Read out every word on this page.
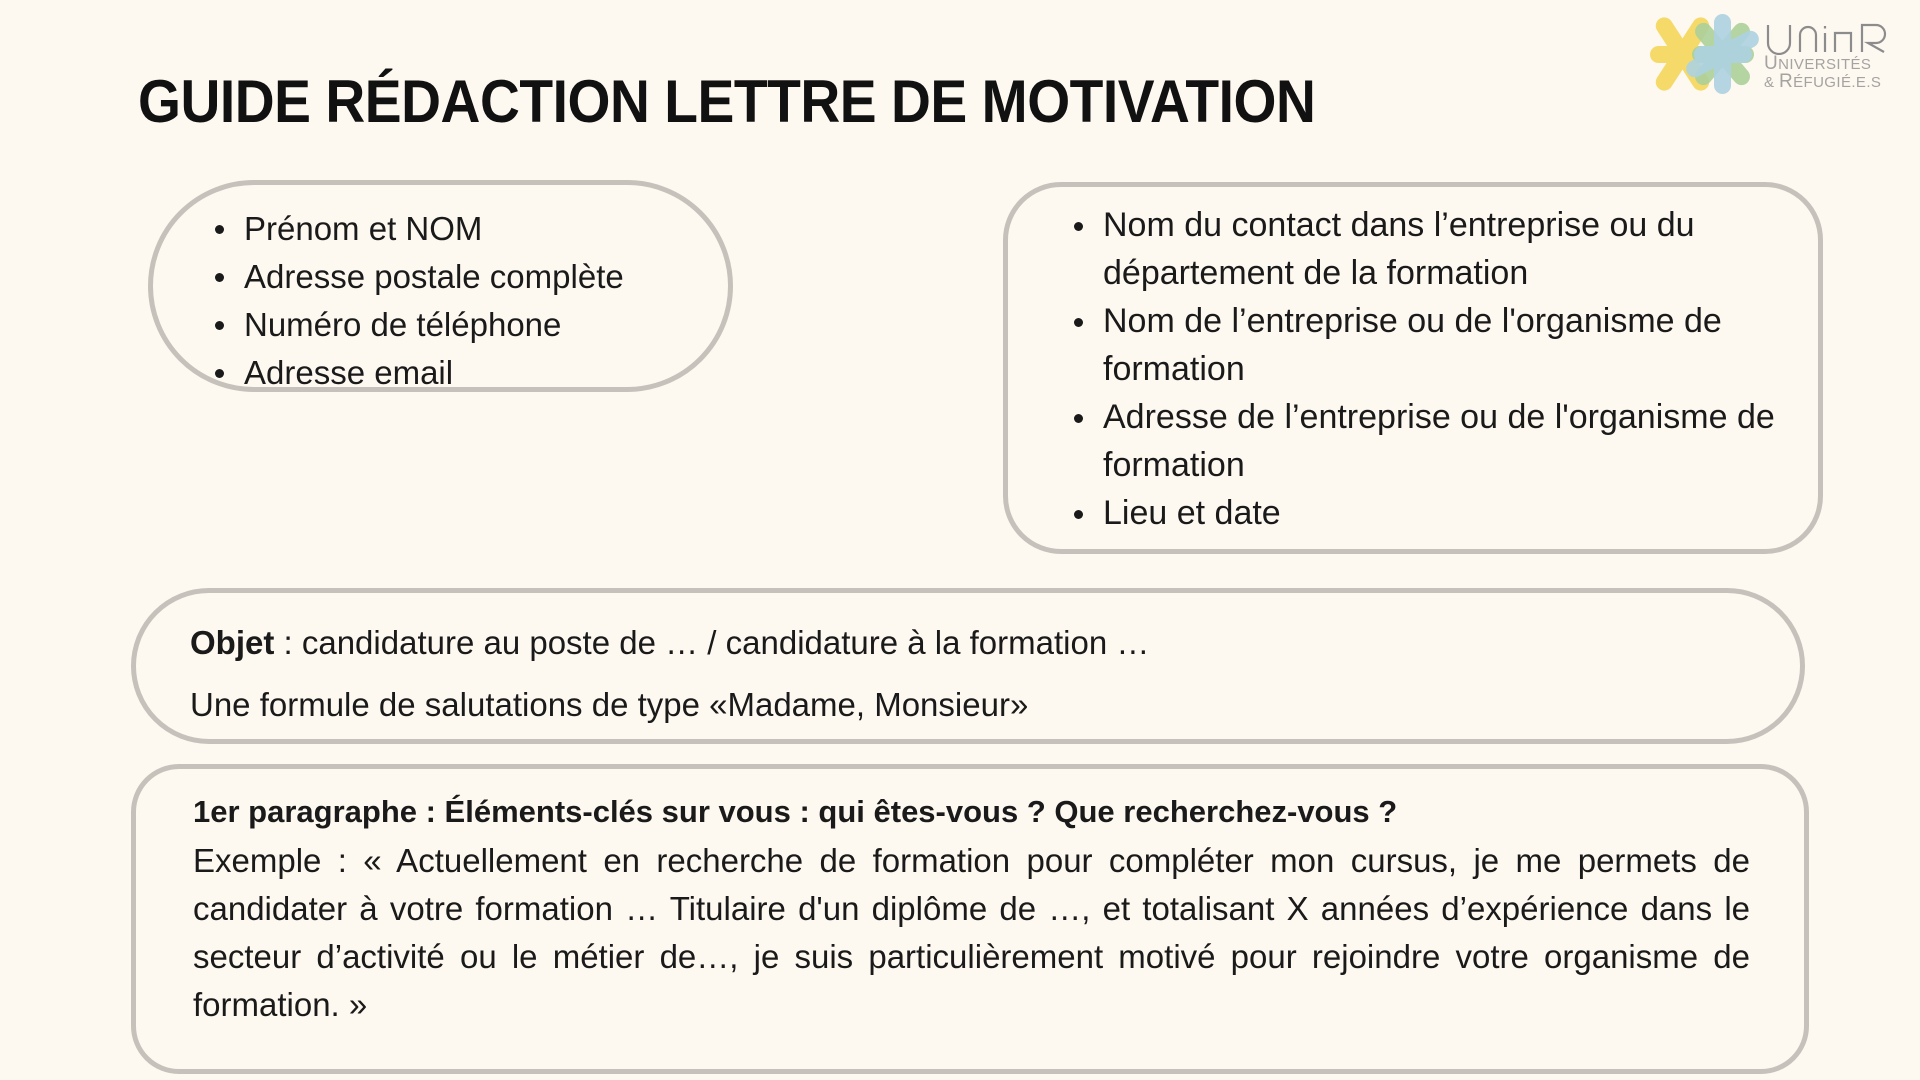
GUIDE RÉDACTION LETTRE DE MOTIVATION
UNIVERSITÉS
& RÉFUGIÉ.E.S
Prénom et NOM
Adresse postale complète
Numéro de téléphone
Adresse email
Nom du contact dans l’entreprise ou du département de la formation
Nom de l’entreprise ou de l'organisme de formation
Adresse de l’entreprise ou de l'organisme de formation
Lieu et date
Objet : candidature au poste de … / candidature à la formation …
Une formule de salutations de type «Madame, Monsieur»
1er paragraphe : Éléments-clés sur vous : qui êtes-vous ? Que recherchez-vous ?
Exemple : « Actuellement en recherche de formation pour compléter mon cursus, je me permets de candidater à votre formation … Titulaire d'un diplôme de …, et totalisant X années d’expérience dans le secteur d’activité ou le métier de…, je suis particulièrement motivé pour rejoindre votre organisme de formation. »
